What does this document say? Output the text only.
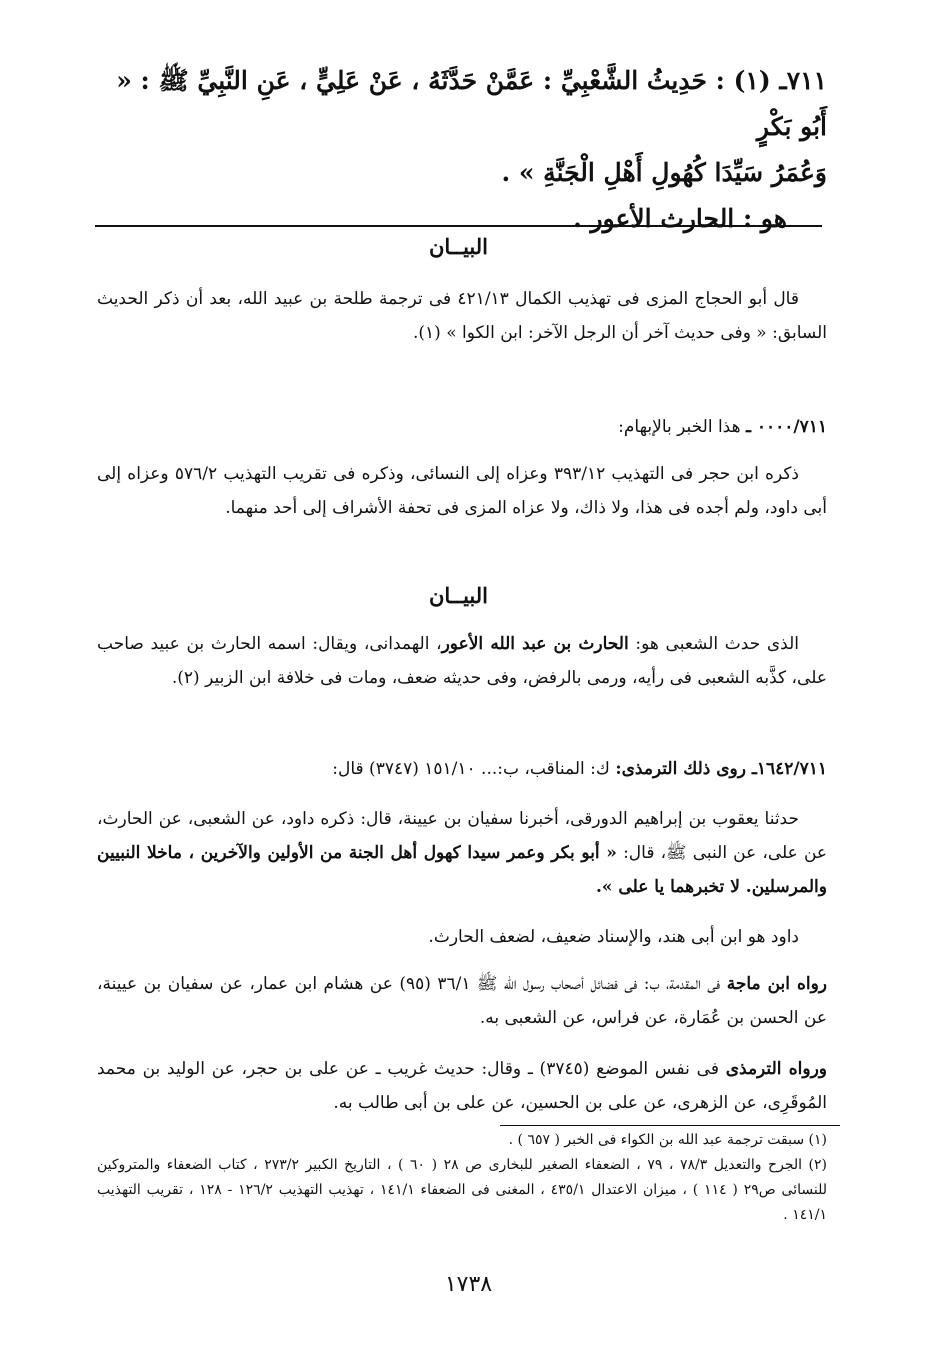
٧١١ـ (١) : حَدِيثُ الشَّعْبِيِّ : عَمَّنْ حَدَّثَهُ ، عَنْ عَلِيٍّ ، عَنِ النَّبِيِّ ﷺ : « أَبُو بَكْرٍ

وَعُمَرُ سَيِّدَا كُهُولِ أَهْلِ الْجَنَّةِ » .

هو : الحارث الأعور .

البيــان

قال أبو الحجاج المزى فى تهذيب الكمال ٤٢١/١٣ فى ترجمة طلحة بن عبيد الله، بعد أن ذكر الحديث السابق: « وفى حديث آخر أن الرجل الآخر: ابن الكوا » (١).

٠٠٠٠/٧١١ ـ هذا الخبر بالإبهام:

ذكره ابن حجر فى التهذيب ٣٩٣/١٢ وعزاه إلى النسائى، وذكره فى تقريب التهذيب ٥٧٦/٢ وعزاه إلى أبى داود، ولم أجده فى هذا، ولا ذاك، ولا عزاه المزى فى تحفة الأشراف إلى أحد منهما.

البيــان

الذى حدث الشعبى هو: الحارث بن عبد الله الأعور، الهمدانى، ويقال: اسمه الحارث بن عبيد صاحب على، كذَّبه الشعبى فى رأيه، ورمى بالرفض، وفى حديثه ضعف، ومات فى خلافة ابن الزبير (٢).

١٦٤٢/٧١١ـ روى ذلك الترمذى: ك: المناقب، ب:... ١٥١/١٠ (٣٧٤٧) قال:

حدثنا يعقوب بن إبراهيم الدورقى، أخبرنا سفيان بن عيينة، قال: ذكره داود، عن الشعبى، عن الحارث، عن على، عن النبى ﷺ، قال: « أبو بكر وعمر سيدا كهول أهل الجنة من الأولين والآخرين ، ماخلا النبيين والمرسلين. لا تخبرهما يا على ».

داود هو ابن أبى هند، والإسناد ضعيف، لضعف الحارث.

رواه ابن ماجة فى المقدمة، ب: فى فضائل أصحاب رسول الله ﷺ ٣٦/١ (٩٥) عن هشام ابن عمار، عن سفيان بن عيينة، عن الحسن بن عُمَارة، عن فراس، عن الشعبى به.

ورواه الترمذى فى نفس الموضع (٣٧٤٥) ـ وقال: حديث غريب ـ عن على بن حجر، عن الوليد بن محمد المُوقَرِى، عن الزهرى، عن على بن الحسين، عن على بن أبى طالب به.

(١) سبقت ترجمة عبد الله بن الكواء فى الخبر ( ٦٥٧ ) .

(٢) الجرح والتعديل ٧٨/٣ ، ٧٩ ، الضعفاء الصغير للبخارى ص ٢٨ ( ٦٠ ) ، التاريخ الكبير ٢٧٣/٢ ، كتاب الضعفاء والمتروكين للنسائى ص٢٩ ( ١١٤ ) ، ميزان الاعتدال ٤٣٥/١ ، المغنى فى الضعفاء ١٤١/١ ، تهذيب التهذيب ١٢٦/٢ - ١٢٨ ، تقريب التهذيب ١٤١/١ .

١٧٣٨
